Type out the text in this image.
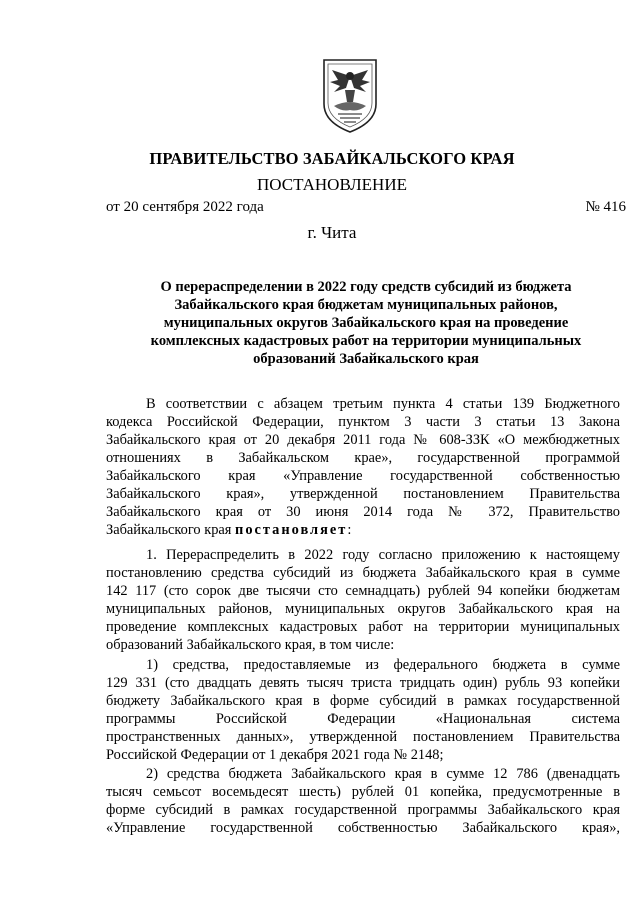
ПРАВИТЕЛЬСТВО ЗАБАЙКАЛЬСКОГО КРАЯ
ПОСТАНОВЛЕНИЕ
от 20 сентября 2022 года	№ 416
г. Чита
О перераспределении в 2022 году средств субсидий из бюджета
Забайкальского края бюджетам муниципальных районов,
муниципальных округов Забайкальского края на проведение
комплексных кадастровых работ на территории муниципальных
образований Забайкальского края
В соответствии с абзацем третьим пункта 4 статьи 139 Бюджетного
кодекса Российской Федерации, пунктом 3 части 3 статьи 13 Закона
Забайкальского края от 20 декабря 2011 года № 608-ЗЗК «О межбюджетных
отношениях в Забайкальском крае», государственной программой
Забайкальского края «Управление государственной собственностью
Забайкальского края», утвержденной постановлением Правительства
Забайкальского края от 30 июня 2014 года № 372, Правительство
Забайкальского края постановляет:
1. Перераспределить в 2022 году согласно приложению к настоящему
постановлению средства субсидий из бюджета Забайкальского края в сумме
142 117 (сто сорок две тысячи сто семнадцать) рублей 94 копейки бюджетам
муниципальных районов, муниципальных округов Забайкальского края на
проведение комплексных кадастровых работ на территории муниципальных
образований Забайкальского края, в том числе:
1) средства, предоставляемые из федерального бюджета в сумме
129 331 (сто двадцать девять тысяч триста тридцать один) рубль 93 копейки
бюджету Забайкальского края в форме субсидий в рамках государственной
программы Российской Федерации «Национальная система
пространственных данных», утвержденной постановлением Правительства
Российской Федерации от 1 декабря 2021 года № 2148;
2) средства бюджета Забайкальского края в сумме 12 786 (двенадцать
тысяч семьсот восемьдесят шесть) рублей 01 копейка, предусмотренные в
форме субсидий в рамках государственной программы Забайкальского края
«Управление государственной собственностью Забайкальского края»,
